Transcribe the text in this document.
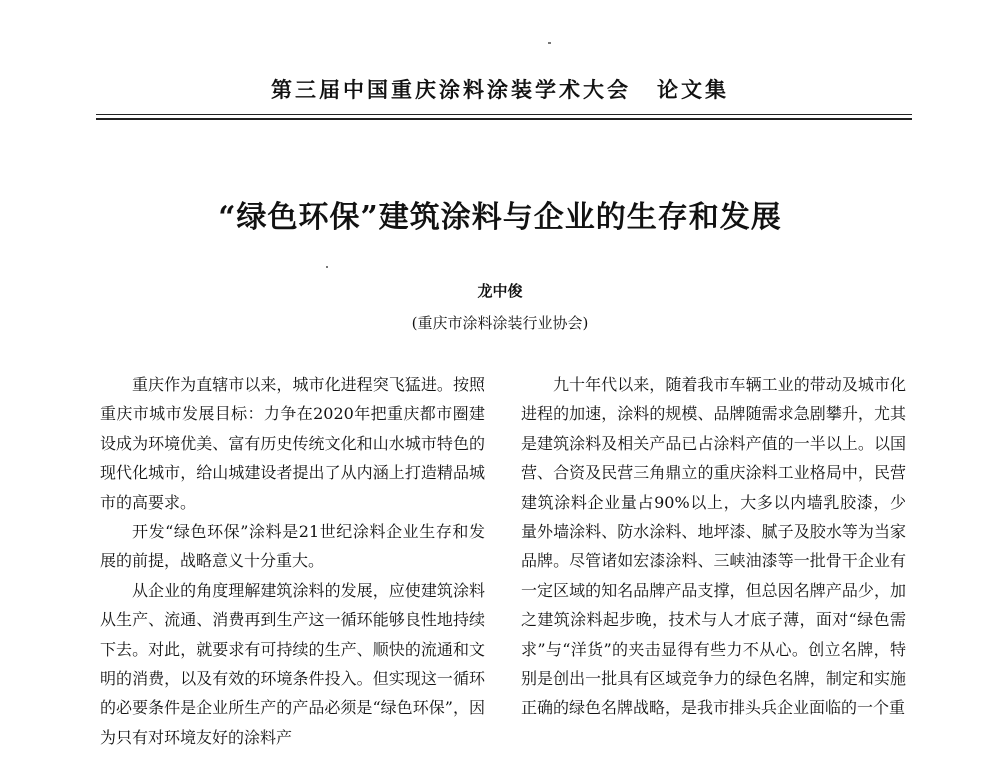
第三届中国重庆涂料涂装学术大会 论文集
“绿色环保”建筑涂料与企业的生存和发展
龙中俊
(重庆市涂料涂装行业协会)

重庆作为直辖市以来，城市化进程突飞猛进。按照重庆市城市发展目标：力争在2020年把重庆都市圈建设成为环境优美、富有历史传统文化和山水城市特色的现代化城市，给山城建设者提出了从内涵上打造精品城市的高要求。

开发“绿色环保”涂料是21世纪涂料企业生存和发展的前提，战略意义十分重大。

从企业的角度理解建筑涂料的发展，应使建筑涂料从生产、流通、消费再到生产这一循环能够良性地持续下去。对此，就要求有可持续的生产、顺快的流通和文明的消费，以及有效的环境条件投入。但实现这一循环的必要条件是企业所生产的产品必须是“绿色环保”，因为只有对环境友好的涂料产

九十年代以来，随着我市车辆工业的带动及城市化进程的加速，涂料的规模、品牌随需求急剧攀升，尤其是建筑涂料及相关产品已占涂料产值的一半以上。以国营、合资及民营三角鼎立的重庆涂料工业格局中，民营建筑涂料企业量占90%以上，大多以内墙乳胶漆，少量外墙涂料、防水涂料、地坪漆、腻子及胶水等为当家品牌。尽管诸如宏漆涂料、三峡油漆等一批骨干企业有一定区域的知名品牌产品支撑，但总因名牌产品少，加之建筑涂料起步晚，技术与人才底子薄，面对“绿色需求”与“洋货”的夹击显得有些力不从心。创立名牌，特别是创出一批具有区域竞争力的绿色名牌，制定和实施正确的绿色名牌战略，是我市排头兵企业面临的一个重
